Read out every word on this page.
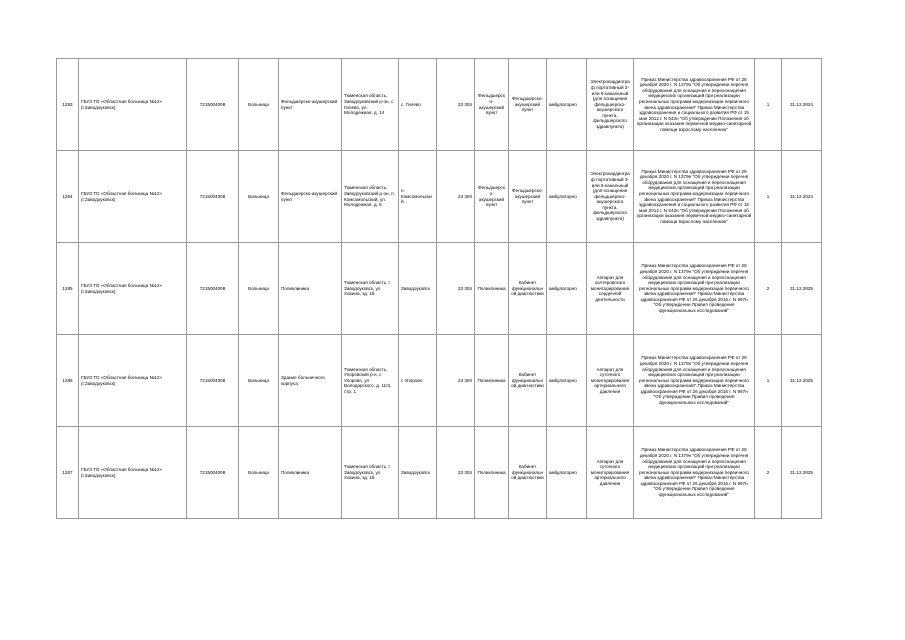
1283	ГБУЗ ТО «Областная больница №12» (г.Заводоуковск)	7215004008	Больница	Фельдшерско-акушерский пункт	Тюменская область, Заводоуковский р-он, с. Гилево, ул. Молодежная, д. 14	с. Гилево	23 304	Фельдшерско-акушерский пункт	Фельдшерско-акушерский пункт	амбулаторно	Электрокардиограф портативный 3-или 6-канальный (для оснащения фельдшерско-акушерского пункта, фельдшерского здравпункта)	Приказ Министерства здравоохранения РФ от 28 декабря 2020 г. N 1379н "Об утверждении перечня оборудования для оснащения и переоснащения медицинских организаций при реализации региональных программ модернизации первичного звена здравоохранения" Приказ Министерства здравоохранения и социального развития РФ от 15 мая 2012 г. N 543н "Об утверждении Положения об организации оказания первичной медико-санитарной помощи взрослому населению"	1	31.12.2024
1284	ГБУЗ ТО «Областная больница №12» (г.Заводоуковск)	7215004008	Больница	Фельдшерско-акушерский пункт	Тюменская область, Заводоуковский р-он, п. Комсомольский, ул. Молодежная, д. 6	п. Комсомольский	23 304	Фельдшерско-акушерский пункт	Фельдшерско-акушерский пункт	амбулаторно	Электрокардиограф портативный 3-или 6-канальный (для оснащения фельдшерско-акушерского пункта, фельдшерского здравпункта)	Приказ Министерства здравоохранения РФ от 28 декабря 2020 г. N 1379н "Об утверждении перечня оборудования для оснащения и переоснащения медицинских организаций при реализации региональных программ модернизации первичного звена здравоохранения" Приказ Министерства здравоохранения и социального развития РФ от 15 мая 2012 г. N 543н "Об утверждении Положения об организации оказания первичной медико-санитарной помощи взрослому населению"	1	31.12.2024
1285	ГБУЗ ТО «Областная больница №12» (г.Заводоуковск)	7215004008	Больница	Поликлиника	Тюменская область, г Заводоуковск, ул Хахина, зд. 18	Заводоуковск	23 304	Поликлиника	Кабинет функциональной диагностики	амбулаторно	Аппарат для холтеровского мониторирования сердечной деятельности	Приказ Министерства здравоохранения РФ от 28 декабря 2020 г. N 1379н "Об утверждении перечня оборудования для оснащения и переоснащения медицинских организаций при реализации региональных программ модернизации первичного звена здравоохранения" Приказ Министерства здравоохранения РФ от 26 декабря 2016 г. N 997н "Об утверждении Правил проведения функциональных исследований"	2	31.12.2025
1286	ГБУЗ ТО «Областная больница №12» (г.Заводоуковск)	7215004008	Больница	Здание больничного корпуса	Тюменская область, Упоровский р-н, с Упорово, ул Володарского, д. 11/3, стр. 1	с Упорово	23 304	Поликлиника	Кабинет функциональной диагностики	амбулаторно	Аппарат для суточного мониторирования артериального давления	Приказ Министерства здравоохранения РФ от 28 декабря 2020 г. N 1379н "Об утверждении перечня оборудования для оснащения и переоснащения медицинских организаций при реализации региональных программ модернизации первичного звена здравоохранения" Приказ Министерства здравоохранения РФ от 26 декабря 2016 г. N 997н "Об утверждении Правил проведения функциональных исследований"	1	31.12.2025
1287	ГБУЗ ТО «Областная больница №12» (г.Заводоуковск)	7215004008	Больница	Поликлиника	Тюменская область, г Заводоуковск, ул Хахина, зд. 18	Заводоуковск	23 304	Поликлиника	Кабинет функциональной диагностики	амбулаторно	Аппарат для суточного мониторирования артериального давления	Приказ Министерства здравоохранения РФ от 28 декабря 2020 г. N 1379н "Об утверждении перечня оборудования для оснащения и переоснащения медицинских организаций при реализации региональных программ модернизации первичного звена здравоохранения" Приказ Министерства здравоохранения РФ от 26 декабря 2016 г. N 997н "Об утверждении Правил проведения функциональных исследований"	2	31.12.2025
